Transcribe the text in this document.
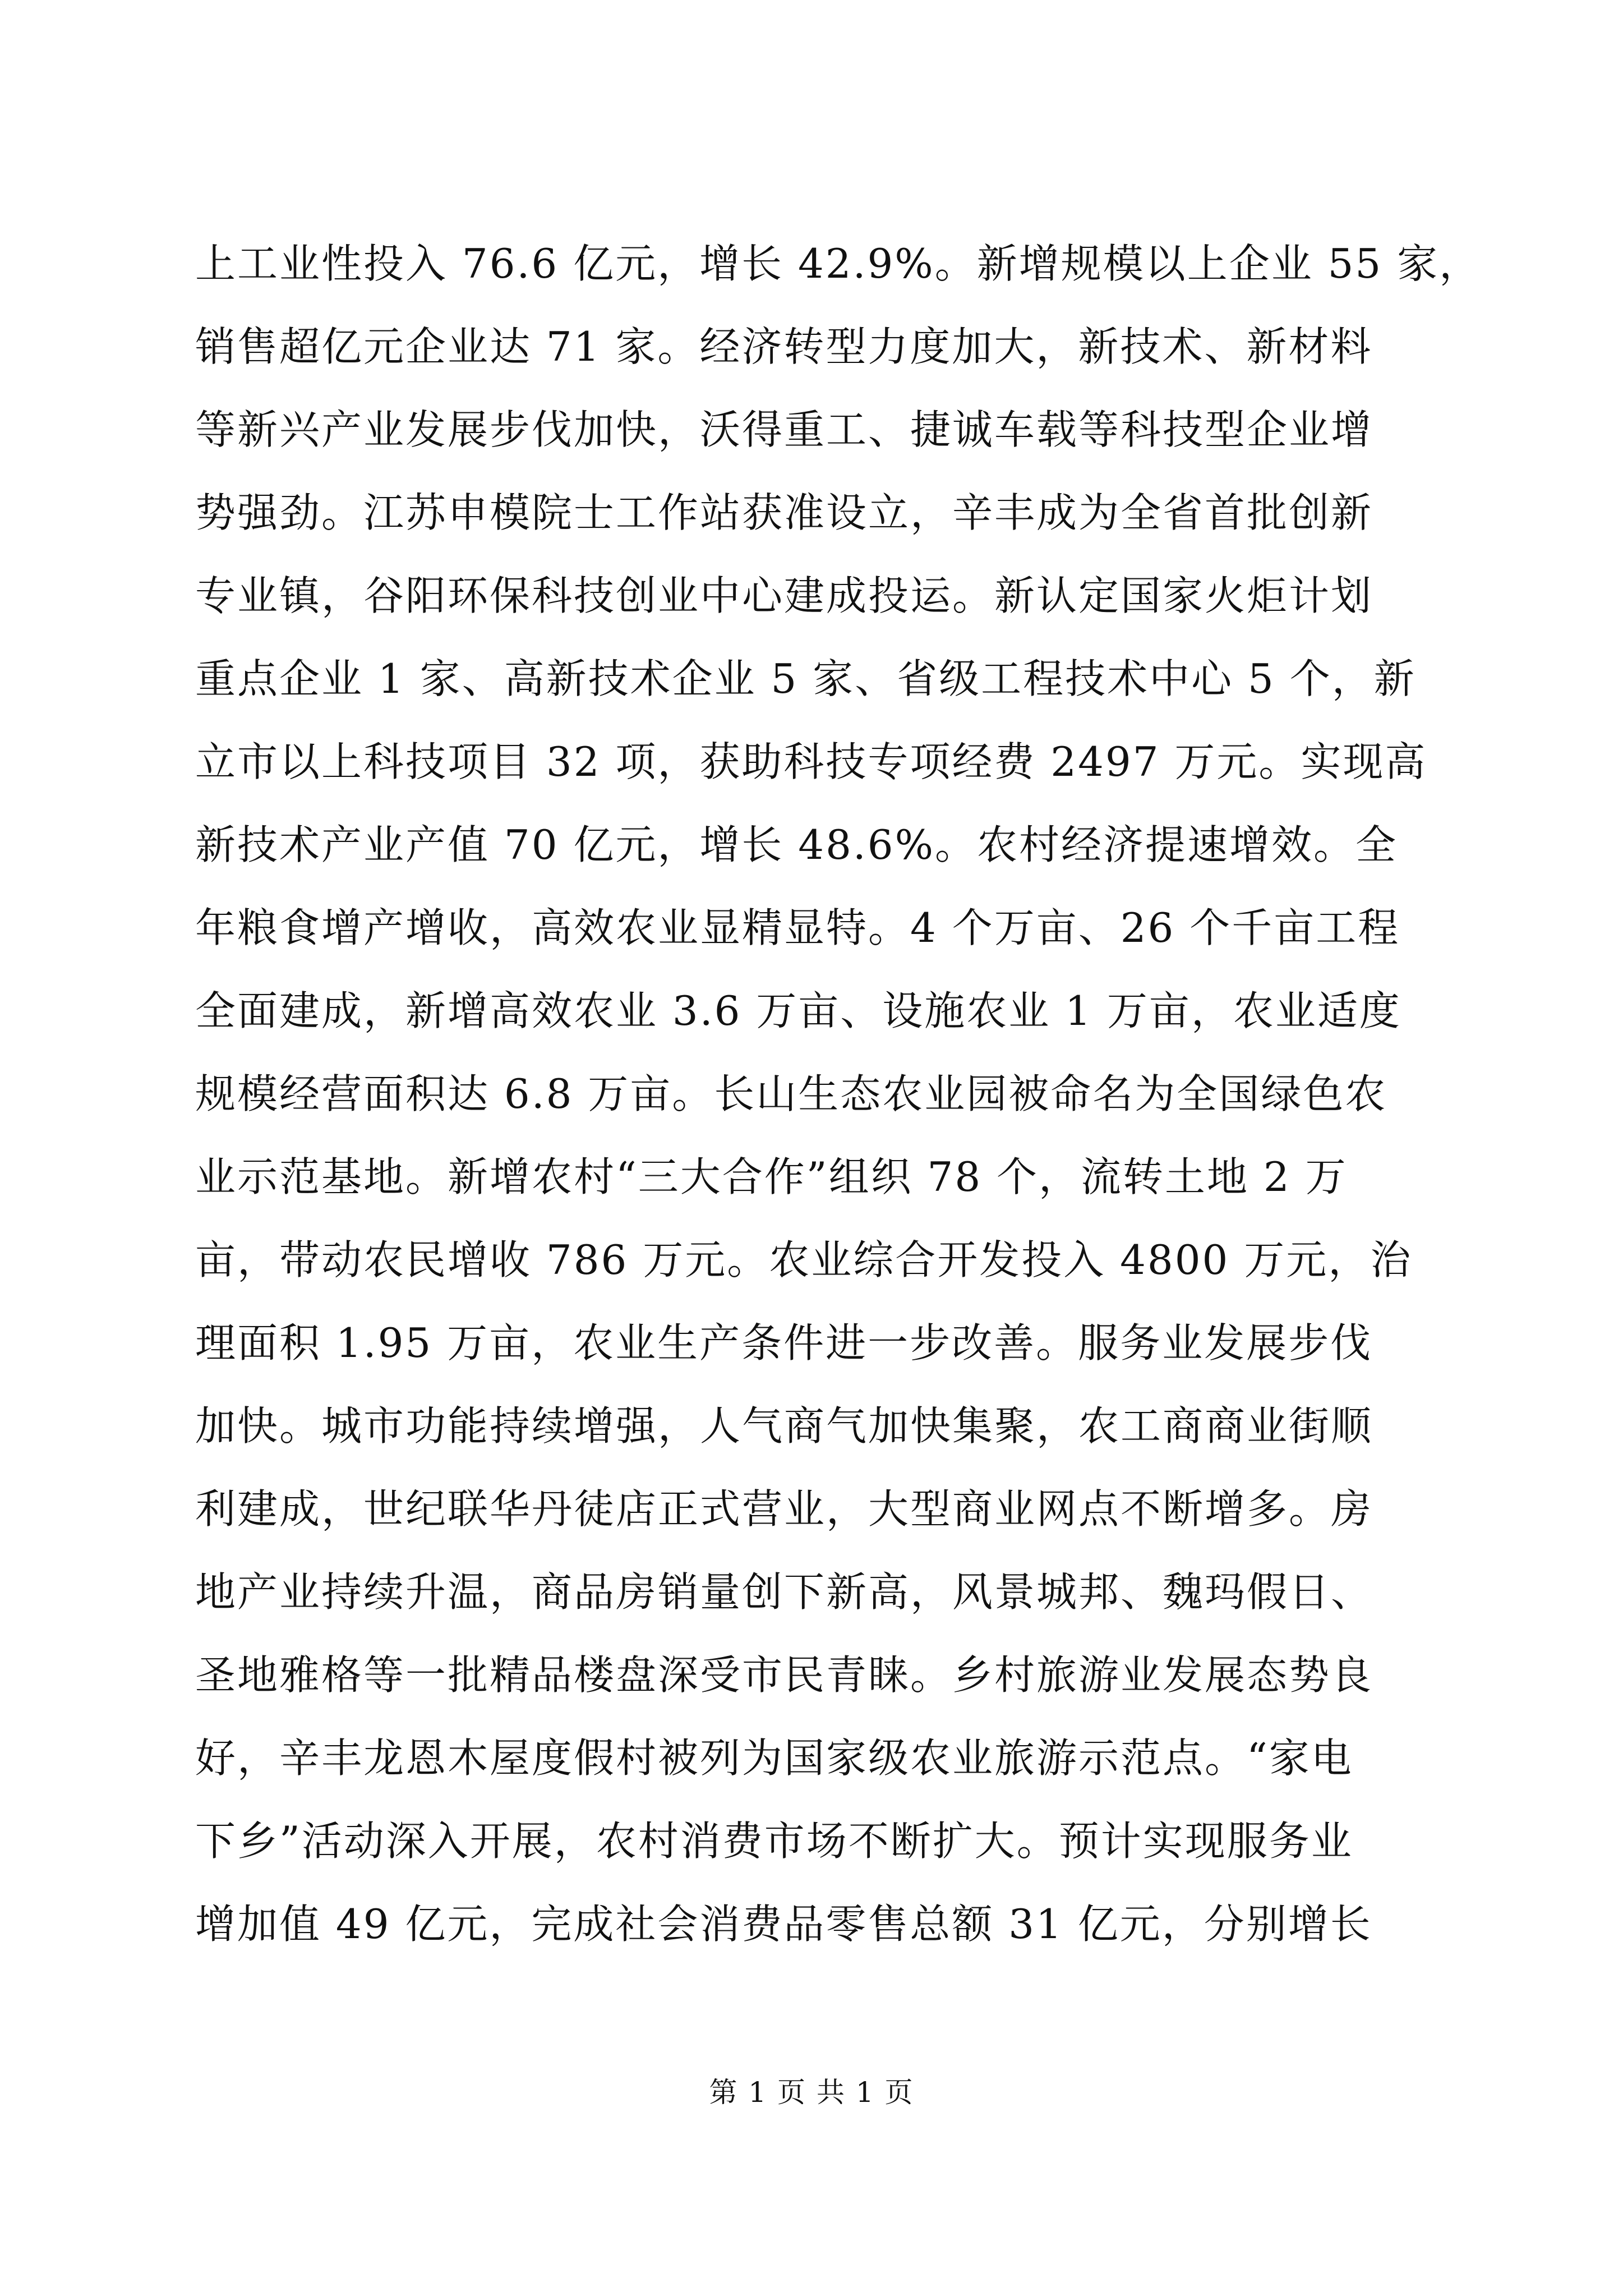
上工业性投入 76.6 亿元，增长 42.9%。新增规模以上企业 55 家，
销售超亿元企业达 71 家。经济转型力度加大，新技术、新材料
等新兴产业发展步伐加快，沃得重工、捷诚车载等科技型企业增
势强劲。江苏申模院士工作站获准设立，辛丰成为全省首批创新
专业镇，谷阳环保科技创业中心建成投运。新认定国家火炬计划
重点企业 1 家、高新技术企业 5 家、省级工程技术中心 5 个，新
立市以上科技项目 32 项，获助科技专项经费 2497 万元。实现高
新技术产业产值 70 亿元，增长 48.6%。农村经济提速增效。全
年粮食增产增收，高效农业显精显特。4 个万亩、26 个千亩工程
全面建成，新增高效农业 3.6 万亩、设施农业 1 万亩，农业适度
规模经营面积达 6.8 万亩。长山生态农业园被命名为全国绿色农
业示范基地。新增农村“三大合作”组织 78 个，流转土地 2 万
亩，带动农民增收 786 万元。农业综合开发投入 4800 万元，治
理面积 1.95 万亩，农业生产条件进一步改善。服务业发展步伐
加快。城市功能持续增强，人气商气加快集聚，农工商商业街顺
利建成，世纪联华丹徒店正式营业，大型商业网点不断增多。房
地产业持续升温，商品房销量创下新高，风景城邦、魏玛假日、
圣地雅格等一批精品楼盘深受市民青睐。乡村旅游业发展态势良
好，辛丰龙恩木屋度假村被列为国家级农业旅游示范点。“家电
下乡”活动深入开展，农村消费市场不断扩大。预计实现服务业
增加值 49 亿元，完成社会消费品零售总额 31 亿元，分别增长
第 1 页 共 1 页
